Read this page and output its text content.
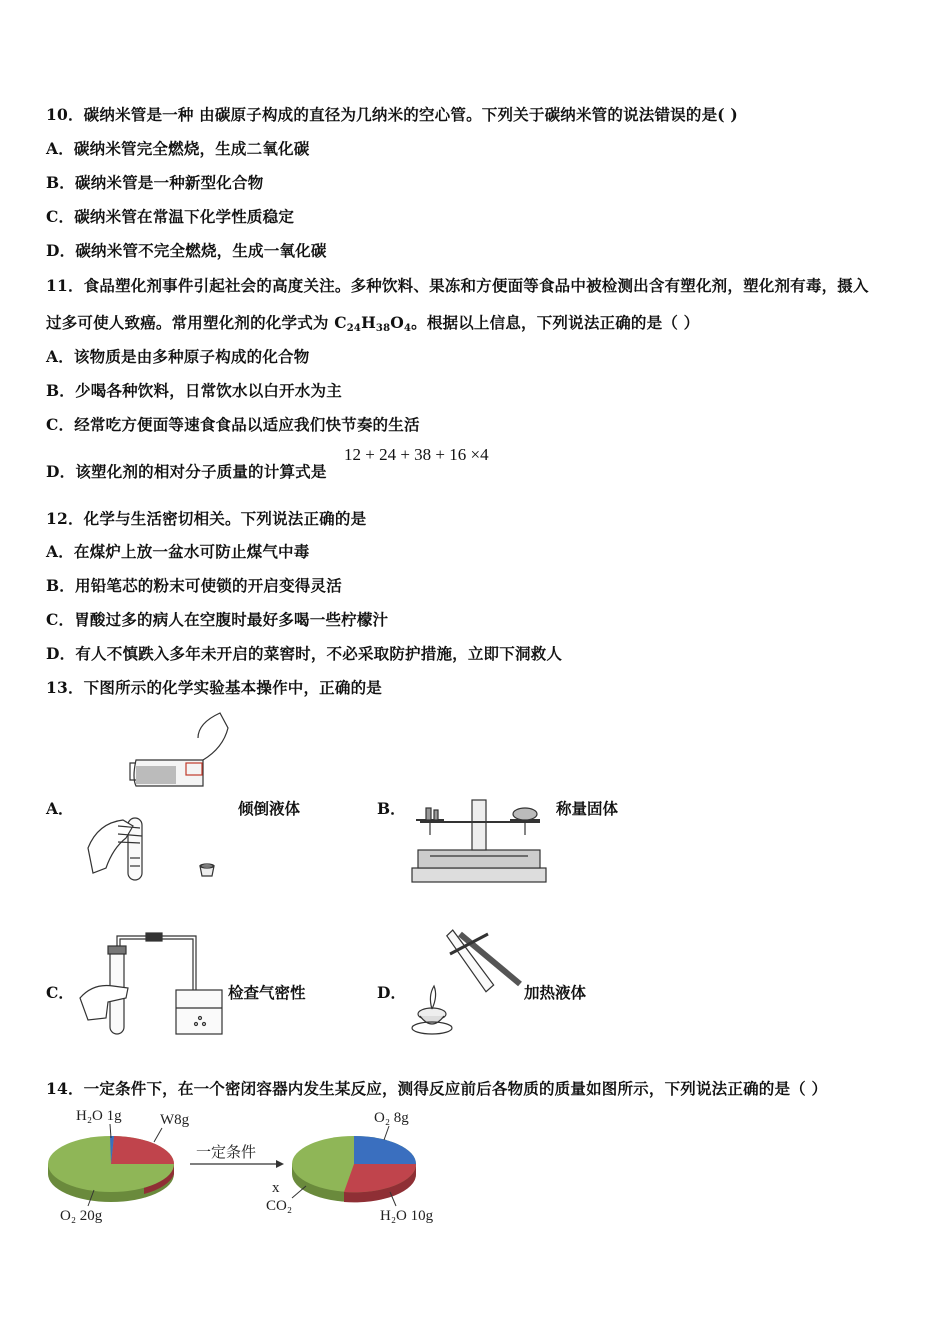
10．碳纳米管是一种 由碳原子构成的直径为几纳米的空心管。下列关于碳纳米管的说法错误的是( )
A．碳纳米管完全燃烧，生成二氧化碳
B．碳纳米管是一种新型化合物
C．碳纳米管在常温下化学性质稳定
D．碳纳米管不完全燃烧，生成一氧化碳
11．食品塑化剂事件引起社会的高度关注。多种饮料、果冻和方便面等食品中被检测出含有塑化剂，塑化剂有毒，摄入
过多可使人致癌。常用塑化剂的化学式为 $C_{24}H_{38}O_4$。根据以上信息，下列说法正确的是（ ）
A．该物质是由多种原子构成的化合物
B．少喝各种饮料，日常饮水以白开水为主
C．经常吃方便面等速食食品以适应我们快节奏的生活
D．该塑化剂的相对分子质量的计算式是
12 + 24 + 38 + 16 ×4
12．化学与生活密切相关。下列说法正确的是
A．在煤炉上放一盆水可防止煤气中毒
B．用铅笔芯的粉末可使锁的开启变得灵活
C．胃酸过多的病人在空腹时最好多喝一些柠檬汁
D．有人不慎跌入多年未开启的菜窖时，不必采取防护措施，立即下洞救人
13．下图所示的化学实验基本操作中，正确的是
A．	倾倒液体	B．	称量固体
C．	检查气密性	D．	加热液体
14．一定条件下，在一个密闭容器内发生某反应，测得反应前后各物质的质量如图所示，下列说法正确的是（ ）
H₂O 1g	W8g
O₂ 20g
一定条件
O₂ 8g
x
CO₂
H₂O 10g
